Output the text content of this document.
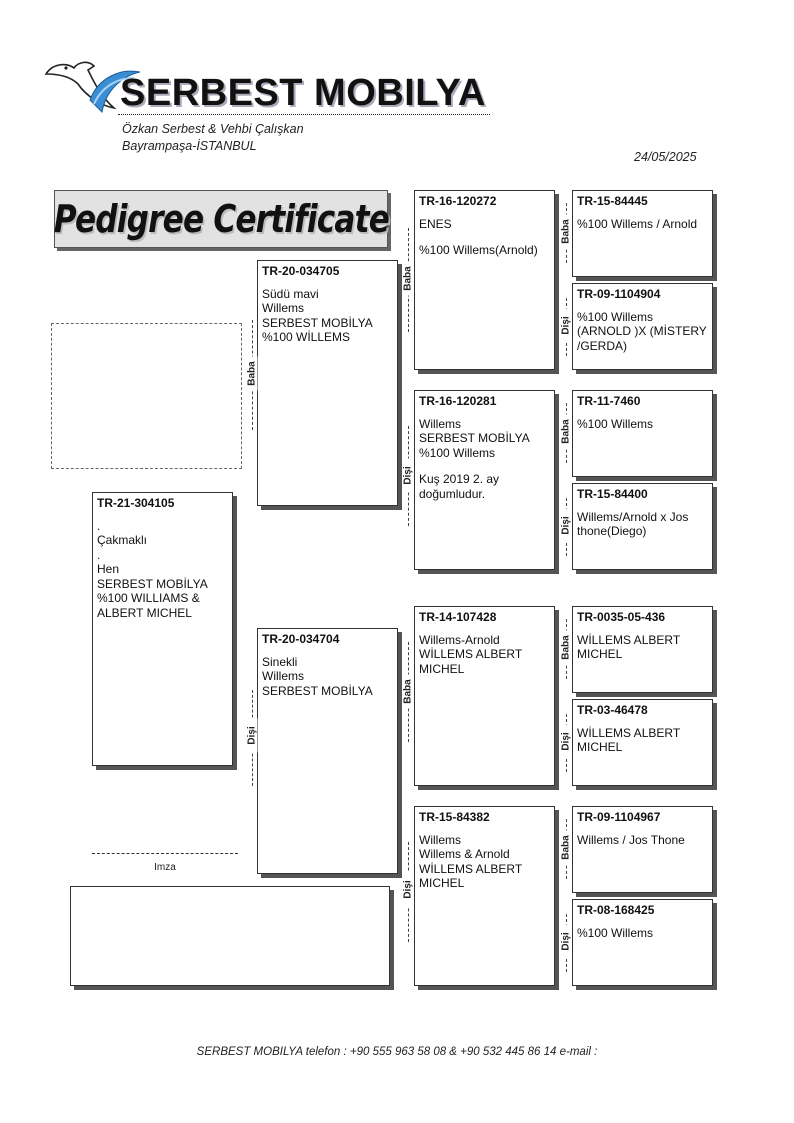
SERBEST MOBILYA
Özkan Serbest & Vehbi Çalışkan
Bayrampaşa-İSTANBUL
24/05/2025
Pedigree Certificate
TR-21-304105
.
Çakmaklı
.
Hen
SERBEST MOBİLYA
%100 WILLIAMS &
ALBERT MICHEL
TR-20-034705
Südü mavi
Willems
SERBEST MOBİLYA
%100 WİLLEMS
TR-20-034704
Sinekli
Willems
SERBEST MOBİLYA
TR-16-120272
ENES
%100 Willems(Arnold)
TR-16-120281
Willems
SERBEST MOBİLYA
%100 Willems
Kuş 2019 2. ay
doğumludur.
TR-14-107428
Willems-Arnold
WİLLEMS ALBERT
MICHEL
TR-15-84382
Willems
Willems & Arnold
WİLLEMS ALBERT
MICHEL
TR-15-84445
%100 Willems / Arnold
TR-09-1104904
%100 Willems
(ARNOLD )X (MİSTERY
/GERDA)
TR-11-7460
%100 Willems
TR-15-84400
Willems/Arnold x Jos
thone(Diego)
TR-0035-05-436
WİLLEMS ALBERT
MICHEL
TR-03-46478
WİLLEMS ALBERT
MICHEL
TR-09-1104967
Willems / Jos Thone
TR-08-168425
%100 Willems
Baba
Dişi
Baba
Dişi
Baba
Dişi
Baba
Dişi
Baba
Dişi
Baba
Dişi
Baba
Dişi
Imza
SERBEST MOBILYA telefon : +90 555 963 58 08 & +90 532 445 86 14 e-mail :
